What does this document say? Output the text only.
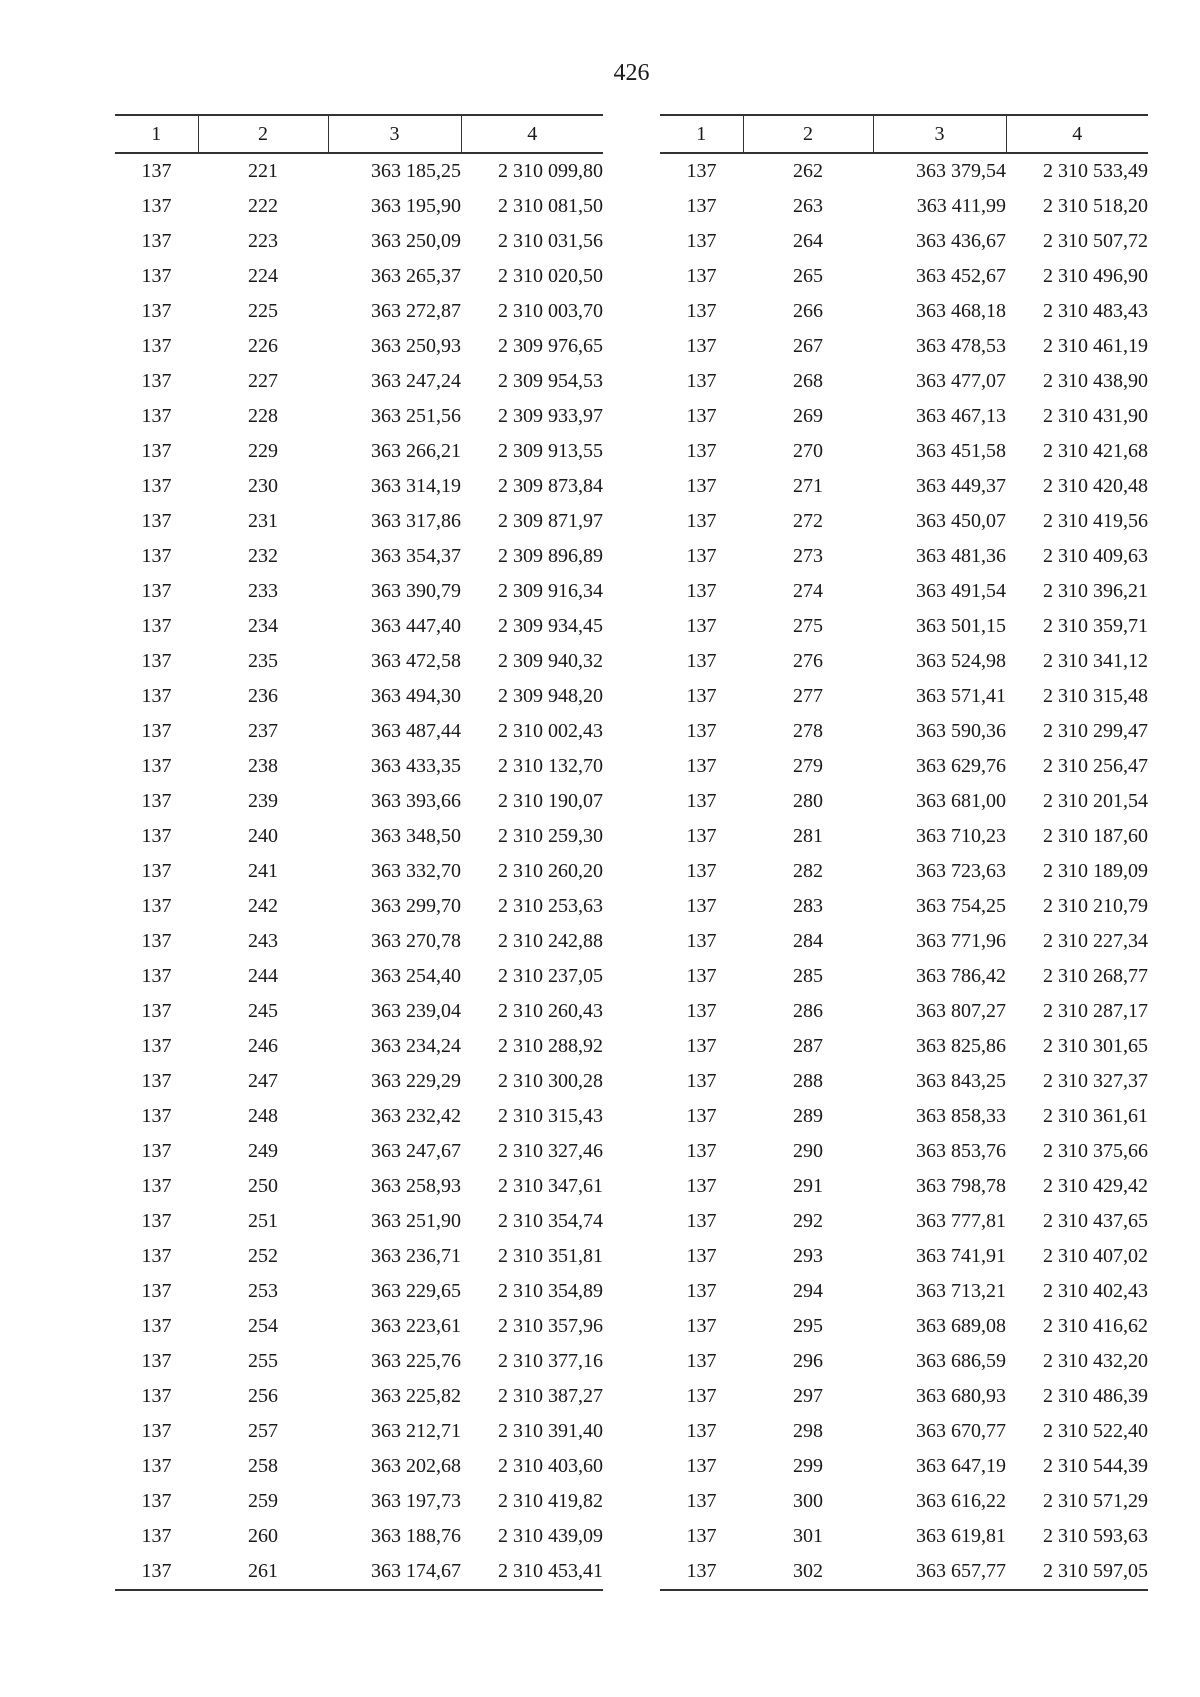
426
1	2	3	4
137	221	363 185,25	2 310 099,80
137	222	363 195,90	2 310 081,50
137	223	363 250,09	2 310 031,56
137	224	363 265,37	2 310 020,50
137	225	363 272,87	2 310 003,70
137	226	363 250,93	2 309 976,65
137	227	363 247,24	2 309 954,53
137	228	363 251,56	2 309 933,97
137	229	363 266,21	2 309 913,55
137	230	363 314,19	2 309 873,84
137	231	363 317,86	2 309 871,97
137	232	363 354,37	2 309 896,89
137	233	363 390,79	2 309 916,34
137	234	363 447,40	2 309 934,45
137	235	363 472,58	2 309 940,32
137	236	363 494,30	2 309 948,20
137	237	363 487,44	2 310 002,43
137	238	363 433,35	2 310 132,70
137	239	363 393,66	2 310 190,07
137	240	363 348,50	2 310 259,30
137	241	363 332,70	2 310 260,20
137	242	363 299,70	2 310 253,63
137	243	363 270,78	2 310 242,88
137	244	363 254,40	2 310 237,05
137	245	363 239,04	2 310 260,43
137	246	363 234,24	2 310 288,92
137	247	363 229,29	2 310 300,28
137	248	363 232,42	2 310 315,43
137	249	363 247,67	2 310 327,46
137	250	363 258,93	2 310 347,61
137	251	363 251,90	2 310 354,74
137	252	363 236,71	2 310 351,81
137	253	363 229,65	2 310 354,89
137	254	363 223,61	2 310 357,96
137	255	363 225,76	2 310 377,16
137	256	363 225,82	2 310 387,27
137	257	363 212,71	2 310 391,40
137	258	363 202,68	2 310 403,60
137	259	363 197,73	2 310 419,82
137	260	363 188,76	2 310 439,09
137	261	363 174,67	2 310 453,41
1	2	3	4
137	262	363 379,54	2 310 533,49
137	263	363 411,99	2 310 518,20
137	264	363 436,67	2 310 507,72
137	265	363 452,67	2 310 496,90
137	266	363 468,18	2 310 483,43
137	267	363 478,53	2 310 461,19
137	268	363 477,07	2 310 438,90
137	269	363 467,13	2 310 431,90
137	270	363 451,58	2 310 421,68
137	271	363 449,37	2 310 420,48
137	272	363 450,07	2 310 419,56
137	273	363 481,36	2 310 409,63
137	274	363 491,54	2 310 396,21
137	275	363 501,15	2 310 359,71
137	276	363 524,98	2 310 341,12
137	277	363 571,41	2 310 315,48
137	278	363 590,36	2 310 299,47
137	279	363 629,76	2 310 256,47
137	280	363 681,00	2 310 201,54
137	281	363 710,23	2 310 187,60
137	282	363 723,63	2 310 189,09
137	283	363 754,25	2 310 210,79
137	284	363 771,96	2 310 227,34
137	285	363 786,42	2 310 268,77
137	286	363 807,27	2 310 287,17
137	287	363 825,86	2 310 301,65
137	288	363 843,25	2 310 327,37
137	289	363 858,33	2 310 361,61
137	290	363 853,76	2 310 375,66
137	291	363 798,78	2 310 429,42
137	292	363 777,81	2 310 437,65
137	293	363 741,91	2 310 407,02
137	294	363 713,21	2 310 402,43
137	295	363 689,08	2 310 416,62
137	296	363 686,59	2 310 432,20
137	297	363 680,93	2 310 486,39
137	298	363 670,77	2 310 522,40
137	299	363 647,19	2 310 544,39
137	300	363 616,22	2 310 571,29
137	301	363 619,81	2 310 593,63
137	302	363 657,77	2 310 597,05
